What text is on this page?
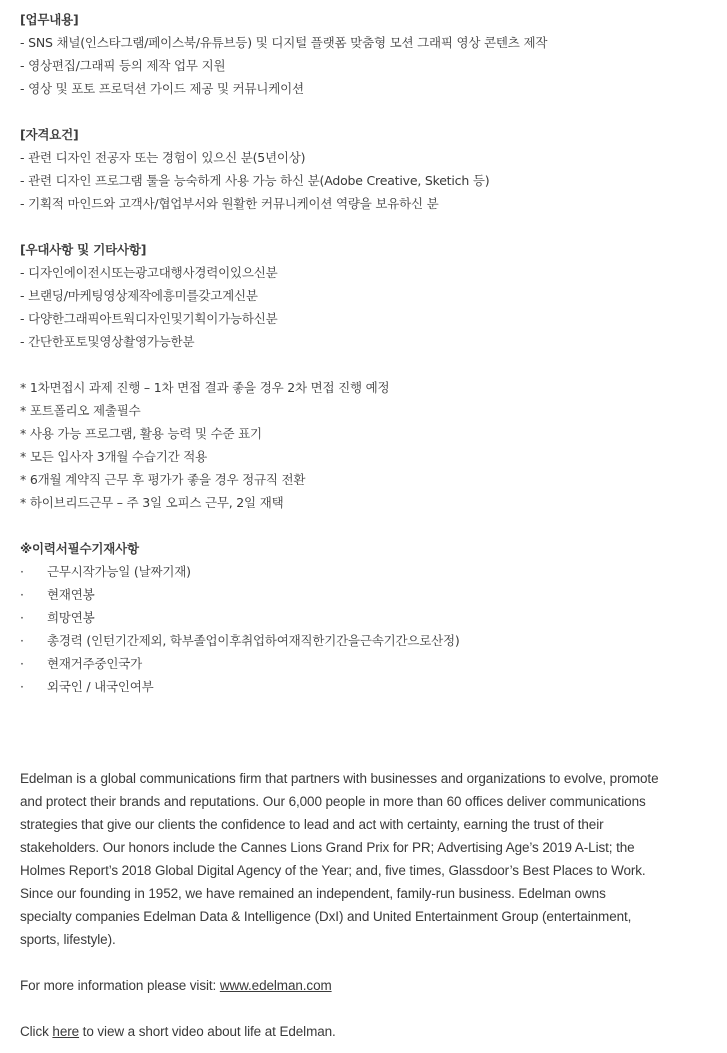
[업무내용]
- SNS 채널(인스타그램/페이스북/유튜브등) 및 디지털 플랫폼 맞춤형 모션 그래픽 영상 콘텐츠 제작
- 영상편집/그래픽 등의 제작 업무 지원
- 영상 및 포토 프로덕션 가이드 제공 및 커뮤니케이션
[자격요건]
- 관련 디자인 전공자 또는 경험이 있으신 분(5년이상)
- 관련 디자인 프로그램 툴을 능숙하게 사용 가능 하신 분(Adobe Creative, Sketich 등)
- 기획적 마인드와 고객사/협업부서와 원활한 커뮤니케이션 역량을 보유하신 분
[우대사항 및 기타사항]
- 디자인에이전시또는광고대행사경력이있으신분
- 브랜딩/마케팅영상제작에흥미를갖고계신분
- 다양한그래픽아트웍디자인및기획이가능하신분
- 간단한포토및영상촬영가능한분
* 1차면접시 과제 진행 – 1차 면접 결과 좋을 경우 2차 면접 진행 예정
* 포트폴리오 제출필수
* 사용 가능 프로그램, 활용 능력 및 수준 표기
* 모든 입사자 3개월 수습기간 적용
* 6개월 계약직 근무 후 평가가 좋을 경우 정규직 전환
* 하이브리드근무 – 주 3일 오피스 근무, 2일 재택
※이력서필수기재사항
·	근무시작가능일 (날짜기재)
·	현재연봉
·	희망연봉
·	총경력 (인턴기간제외, 학부졸업이후취업하여재직한기간을근속기간으로산정)
·	현재거주중인국가
·	외국인 / 내국인여부

Edelman is a global communications firm that partners with businesses and organizations to evolve, promote and protect their brands and reputations. Our 6,000 people in more than 60 offices deliver communications strategies that give our clients the confidence to lead and act with certainty, earning the trust of their stakeholders. Our honors include the Cannes Lions Grand Prix for PR; Advertising Age’s 2019 A-List; the Holmes Report’s 2018 Global Digital Agency of the Year; and, five times, Glassdoor’s Best Places to Work. Since our founding in 1952, we have remained an independent, family-run business. Edelman owns specialty companies Edelman Data & Intelligence (DxI) and United Entertainment Group (entertainment, sports, lifestyle).

For more information please visit: www.edelman.com

Click here to view a short video about life at Edelman.
